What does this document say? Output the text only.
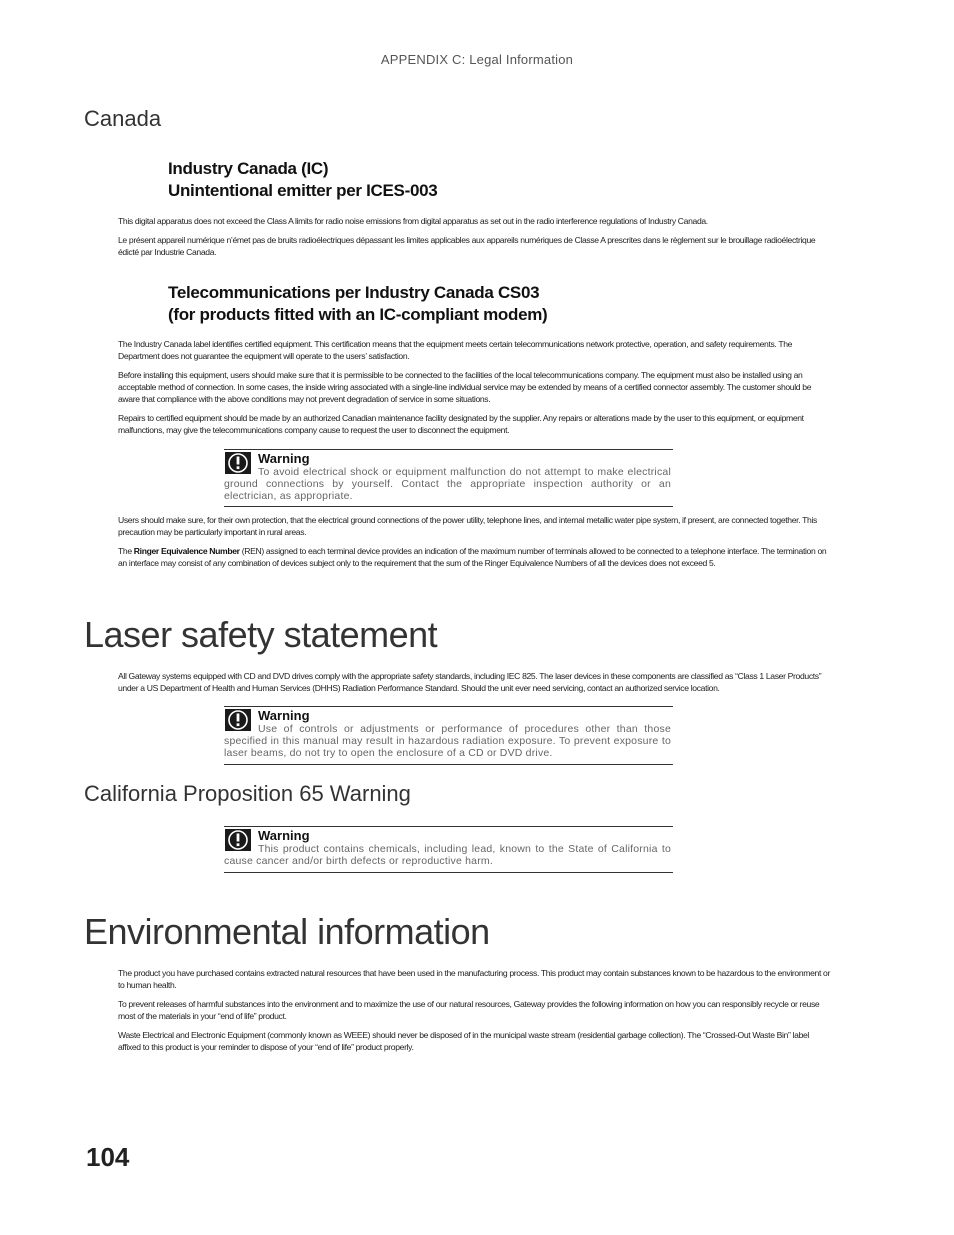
APPENDIX C: Legal Information
Canada
Industry Canada (IC)
Unintentional emitter per ICES-003

This digital apparatus does not exceed the Class A limits for radio noise emissions from digital apparatus as set out in the radio interference regulations of Industry Canada.

Le présent appareil numérique n’émet pas de bruits radioélectriques dépassant les limites applicables aux appareils numériques de Classe A prescrites dans le règlement sur le brouillage radioélectrique édicté par Industrie Canada.

Telecommunications per Industry Canada CS03
(for products fitted with an IC-compliant modem)

The Industry Canada label identifies certified equipment. This certification means that the equipment meets certain telecommunications network protective, operation, and safety requirements. The Department does not guarantee the equipment will operate to the users’ satisfaction.

Before installing this equipment, users should make sure that it is permissible to be connected to the facilities of the local telecommunications company. The equipment must also be installed using an acceptable method of connection. In some cases, the inside wiring associated with a single-line individual service may be extended by means of a certified connector assembly. The customer should be aware that compliance with the above conditions may not prevent degradation of service in some situations.

Repairs to certified equipment should be made by an authorized Canadian maintenance facility designated by the supplier. Any repairs or alterations made by the user to this equipment, or equipment malfunctions, may give the telecommunications company cause to request the user to disconnect the equipment.

Warning
To avoid electrical shock or equipment malfunction do not attempt to make electrical ground connections by yourself. Contact the appropriate inspection authority or an electrician, as appropriate.

Users should make sure, for their own protection, that the electrical ground connections of the power utility, telephone lines, and internal metallic water pipe system, if present, are connected together. This precaution may be particularly important in rural areas.

The Ringer Equivalence Number (REN) assigned to each terminal device provides an indication of the maximum number of terminals allowed to be connected to a telephone interface. The termination on an interface may consist of any combination of devices subject only to the requirement that the sum of the Ringer Equivalence Numbers of all the devices does not exceed 5.

Laser safety statement

All Gateway systems equipped with CD and DVD drives comply with the appropriate safety standards, including IEC 825. The laser devices in these components are classified as “Class 1 Laser Products” under a US Department of Health and Human Services (DHHS) Radiation Performance Standard. Should the unit ever need servicing, contact an authorized service location.

Warning
Use of controls or adjustments or performance of procedures other than those specified in this manual may result in hazardous radiation exposure. To prevent exposure to laser beams, do not try to open the enclosure of a CD or DVD drive.
California Proposition 65 Warning
Warning
This product contains chemicals, including lead, known to the State of California to cause cancer and/or birth defects or reproductive harm.
Environmental information

The product you have purchased contains extracted natural resources that have been used in the manufacturing process. This product may contain substances known to be hazardous to the environment or to human health.

To prevent releases of harmful substances into the environment and to maximize the use of our natural resources, Gateway provides the following information on how you can responsibly recycle or reuse most of the materials in your “end of life” product.

Waste Electrical and Electronic Equipment (commonly known as WEEE) should never be disposed of in the municipal waste stream (residential garbage collection). The “Crossed-Out Waste Bin” label affixed to this product is your reminder to dispose of your “end of life” product properly.

104
